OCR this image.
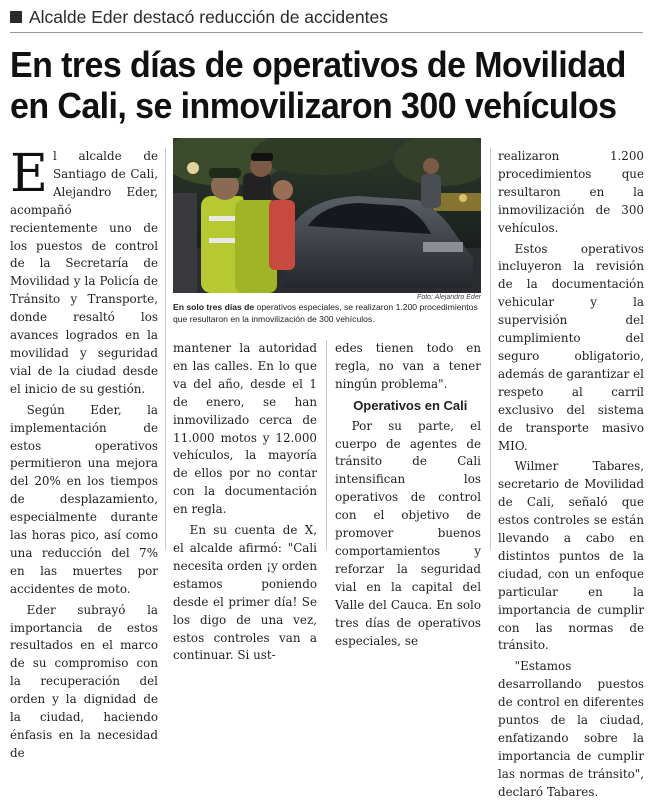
Alcalde Eder destacó reducción de accidentes
En tres días de operativos de Movilidad
en Cali, se inmovilizaron 300 vehículos

El alcalde de Santiago de Cali, Alejandro Eder, acompañó recientemente uno de los puestos de control de la Secretaría de Movilidad y la Policía de Tránsito y Transporte, donde resaltó los avances logrados en la movilidad y seguridad vial de la ciudad desde el inicio de su gestión.

Según Eder, la implementación de estos operativos permitieron una mejora del 20% en los tiempos de desplazamiento, especialmente durante las horas pico, así como una reducción del 7% en las muertes por accidentes de moto.

Eder subrayó la importancia de estos resultados en el marco de su compromiso con la recuperación del orden y la dignidad de la ciudad, haciendo énfasis en la necesidad de

Foto: Alejandro Eder
En solo tres días de operativos especiales, se realizaron 1.200 procedimientos que resultaron en la inmovilización de 300 vehículos.

mantener la autoridad en las calles. En lo que va del año, desde el 1 de enero, se han inmovilizado cerca de 11.000 motos y 12.000 vehículos, la mayoría de ellos por no contar con la documentación en regla.

En su cuenta de X, el alcalde afirmó: "Cali necesita orden ¡y orden estamos poniendo desde el primer día! Se los digo de una vez, estos controles van a continuar. Si ust-

edes tienen todo en regla, no van a tener ningún problema".

Operativos en Cali

Por su parte, el cuerpo de agentes de tránsito de Cali intensifican los operativos de control con el objetivo de promover buenos comportamientos y reforzar la seguridad vial en la capital del Valle del Cauca. En solo tres días de operativos especiales, se

realizaron 1.200 procedimientos que resultaron en la inmovilización de 300 vehículos.

Estos operativos incluyeron la revisión de la documentación vehicular y la supervisión del cumplimiento del seguro obligatorio, además de garantizar el respeto al carril exclusivo del sistema de transporte masivo MIO.

Wilmer Tabares, secretario de Movilidad de Cali, señaló que estos controles se están llevando a cabo en distintos puntos de la ciudad, con un enfoque particular en la importancia de cumplir con las normas de tránsito.

"Estamos desarrollando puestos de control en diferentes puntos de la ciudad, enfatizando sobre la importancia de cumplir las normas de tránsito", declaró Tabares.
